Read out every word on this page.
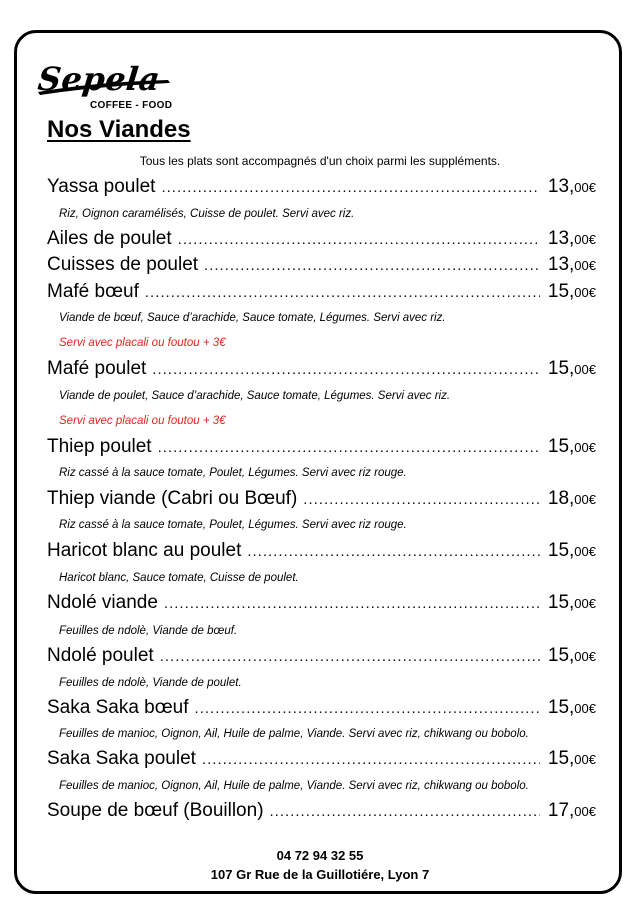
Sepela
COFFEE - FOOD
Nos Viandes
Tous les plats sont accompagnés d'un choix parmi les suppléments.
Yassa poulet .....	13,00€
Riz, Oignon caramélisés, Cuisse de poulet. Servi avec riz.
Ailes de poulet .....	13,00€
Cuisses de poulet .....	13,00€
Mafé bœuf .....	15,00€
Viande de bœuf, Sauce d’arachide, Sauce tomate, Légumes. Servi avec riz.
Servi avec placali ou foutou + 3€
Mafé poulet .....	15,00€
Viande de poulet, Sauce d’arachide, Sauce tomate, Légumes. Servi avec riz.
Servi avec placali ou foutou + 3€
Thiep poulet .....	15,00€
Riz cassé à la sauce tomate, Poulet, Légumes. Servi avec riz rouge.
Thiep viande (Cabri ou Bœuf) .....	18,00€
Riz cassé à la sauce tomate, Poulet, Légumes. Servi avec riz rouge.
Haricot blanc au poulet .....	15,00€
Haricot blanc, Sauce tomate, Cuisse de poulet.
Ndolé viande .....	15,00€
Feuilles de ndolè, Viande de bœuf.
Ndolé poulet .....	15,00€
Feuilles de ndolè, Viande de poulet.
Saka Saka bœuf .....	15,00€
Feuilles de manioc, Oignon, Ail, Huile de palme, Viande. Servi avec riz, chikwang ou bobolo.
Saka Saka poulet .....	15,00€
Feuilles de manioc, Oignon, Ail, Huile de palme, Viande. Servi avec riz, chikwang ou bobolo.
Soupe de bœuf (Bouillon) .....	17,00€
04 72 94 32 55
107 Gr Rue de la Guillotiére, Lyon 7
